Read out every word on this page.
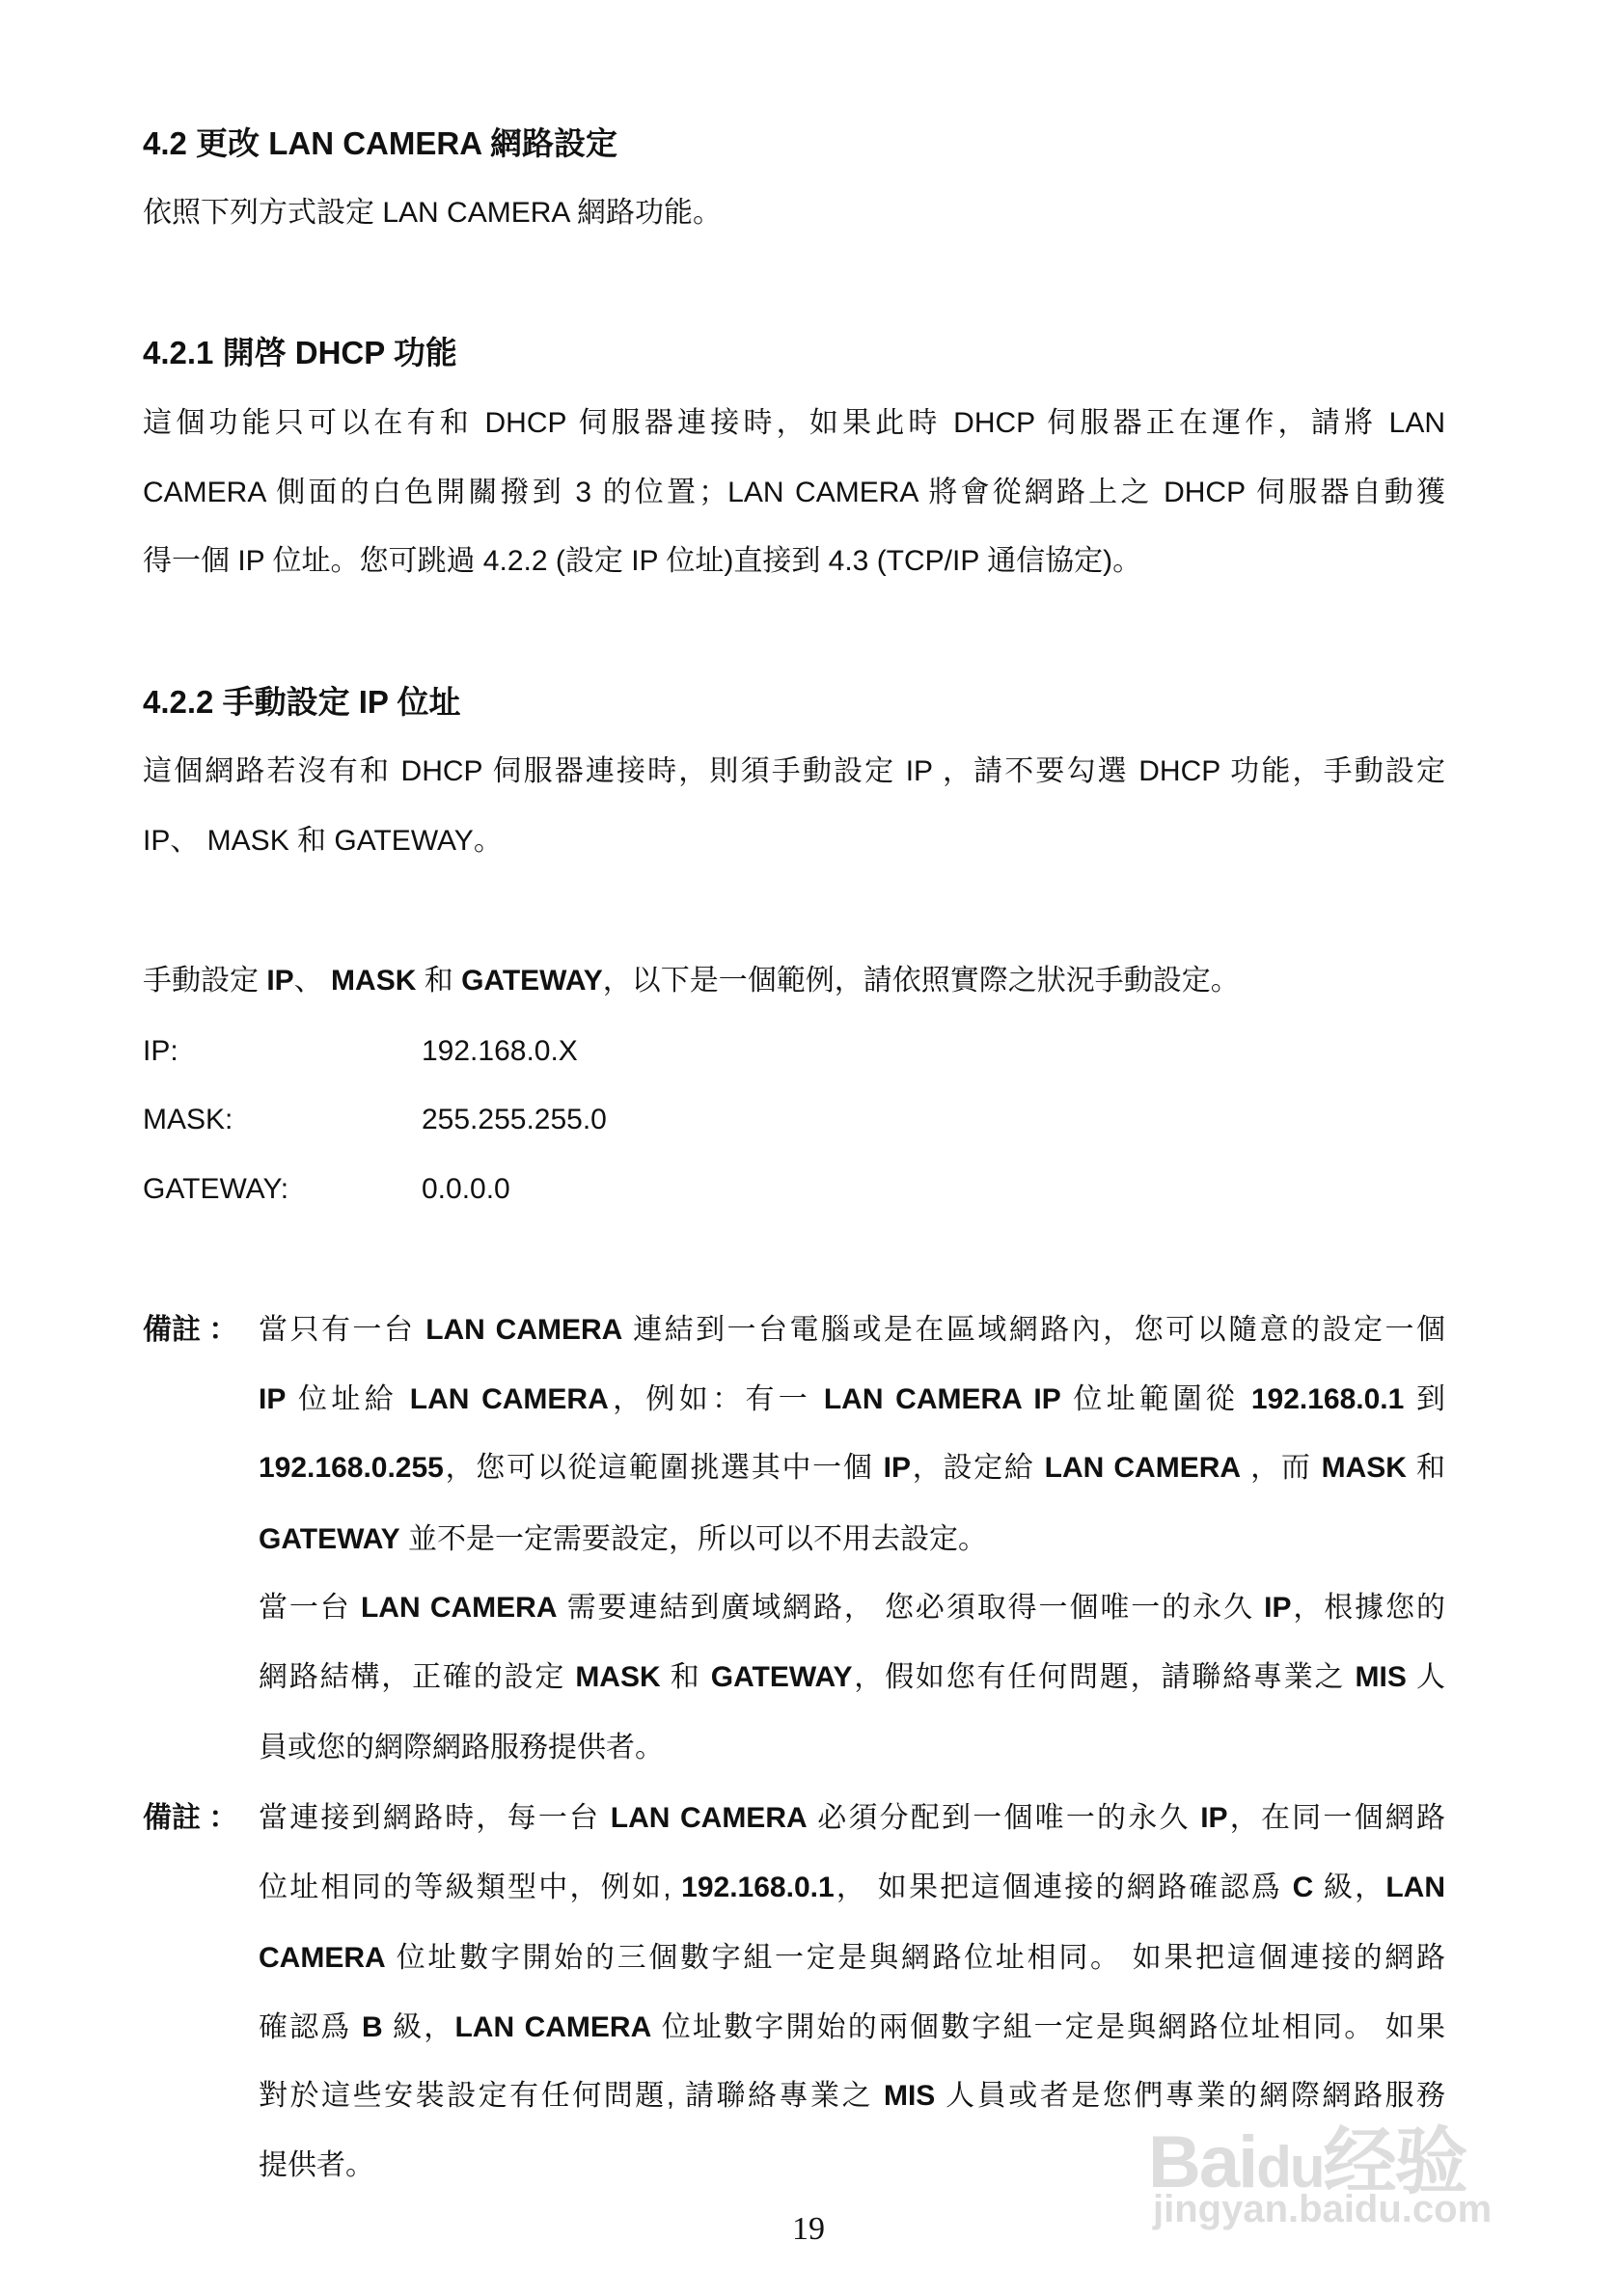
4.2 更改 LAN CAMERA 網路設定
依照下列方式設定 LAN CAMERA 網路功能。
4.2.1 開啓 DHCP 功能
這個功能只可以在有和 DHCP 伺服器連接時，如果此時 DHCP 伺服器正在運作，請將 LAN
CAMERA 側面的白色開關撥到 3 的位置；LAN CAMERA 將會從網路上之 DHCP 伺服器自動獲
得一個 IP 位址。您可跳過 4.2.2 (設定 IP 位址)直接到 4.3 (TCP/IP 通信協定)。
4.2.2 手動設定 IP 位址
這個網路若沒有和 DHCP 伺服器連接時，則須手動設定 IP ，請不要勾選 DHCP 功能，手動設定
IP、 MASK 和 GATEWAY。
手動設定 IP、 MASK 和 GATEWAY，以下是一個範例，請依照實際之狀況手動設定。
備註 ：
備註 ：
當只有一台 LAN CAMERA 連結到一台電腦或是在區域網路內，您可以隨意的設定一個
IP 位址給 LAN CAMERA，例如：有一 LAN CAMERA IP 位址範圍從 192.168.0.1 到
192.168.0.255，您可以從這範圍挑選其中一個 IP，設定給 LAN CAMERA ，而 MASK 和
GATEWAY 並不是一定需要設定，所以可以不用去設定。
當一台 LAN CAMERA 需要連結到廣域網路， 您必須取得一個唯一的永久 IP，根據您的
網路結構，正確的設定 MASK 和 GATEWAY，假如您有任何問題，請聯絡專業之 MIS 人
員或您的網際網路服務提供者。
當連接到網路時，每一台 LAN CAMERA 必須分配到一個唯一的永久 IP，在同一個網路
位址相同的等級類型中，例如, 192.168.0.1， 如果把這個連接的網路確認爲 C 級，LAN
CAMERA 位址數字開始的三個數字組一定是與網路位址相同。 如果把這個連接的網路
確認爲 B 級，LAN CAMERA 位址數字開始的兩個數字組一定是與網路位址相同。 如果
對於這些安裝設定有任何問題, 請聯絡專業之 MIS 人員或者是您們專業的網際網路服務
提供者。
IP:	192.168.0.X
MASK:	255.255.255.0
GATEWAY:	0.0.0.0
19
Baidu经验
jingyan.baidu.com
